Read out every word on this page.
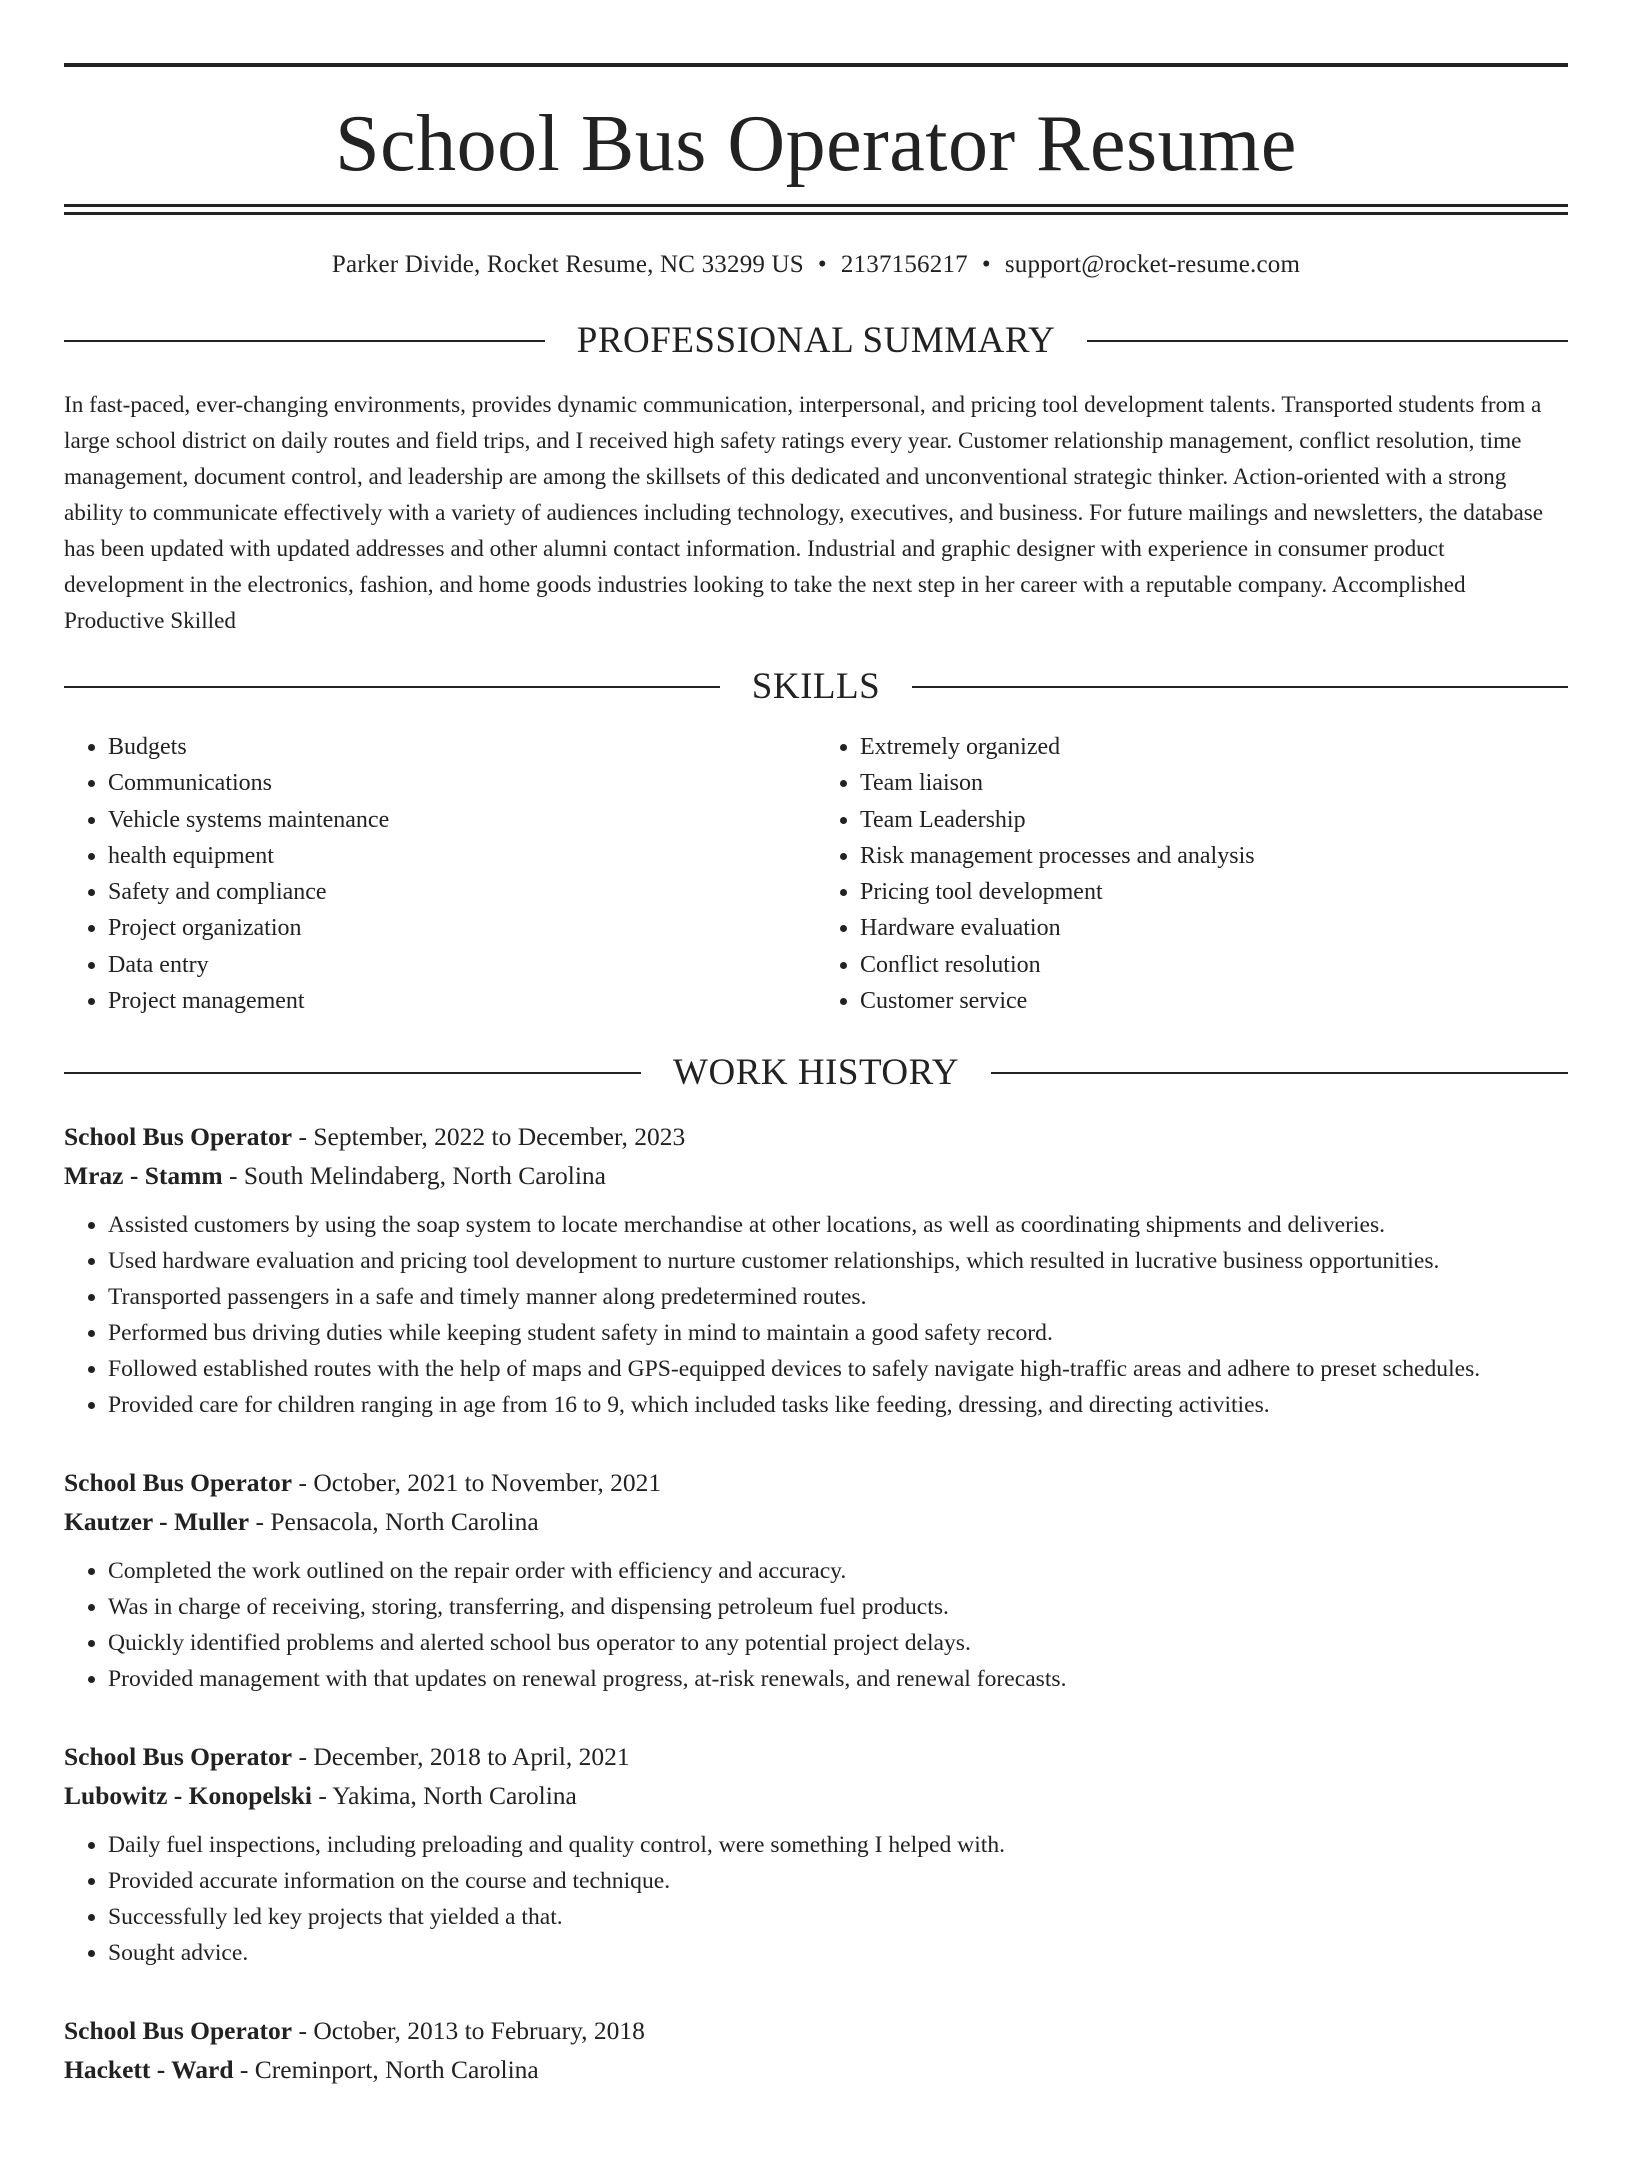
School Bus Operator Resume
Parker Divide, Rocket Resume, NC 33299 US • 2137156217 • support@rocket-resume.com
PROFESSIONAL SUMMARY

In fast-paced, ever-changing environments, provides dynamic communication, interpersonal, and pricing tool development talents. Transported students from a large school district on daily routes and field trips, and I received high safety ratings every year. Customer relationship management, conflict resolution, time management, document control, and leadership are among the skillsets of this dedicated and unconventional strategic thinker. Action-oriented with a strong ability to communicate effectively with a variety of audiences including technology, executives, and business. For future mailings and newsletters, the database has been updated with updated addresses and other alumni contact information. Industrial and graphic designer with experience in consumer product development in the electronics, fashion, and home goods industries looking to take the next step in her career with a reputable company. Accomplished Productive Skilled

SKILLS
• Budgets
• Communications
• Vehicle systems maintenance
• health equipment
• Safety and compliance
• Project organization
• Data entry
• Project management
• Extremely organized
• Team liaison
• Team Leadership
• Risk management processes and analysis
• Pricing tool development
• Hardware evaluation
• Conflict resolution
• Customer service
WORK HISTORY
School Bus Operator - September, 2022 to December, 2023
Mraz - Stamm - South Melindaberg, North Carolina
• Assisted customers by using the soap system to locate merchandise at other locations, as well as coordinating shipments and deliveries.
• Used hardware evaluation and pricing tool development to nurture customer relationships, which resulted in lucrative business opportunities.
• Transported passengers in a safe and timely manner along predetermined routes.
• Performed bus driving duties while keeping student safety in mind to maintain a good safety record.
• Followed established routes with the help of maps and GPS-equipped devices to safely navigate high-traffic areas and adhere to preset schedules.
• Provided care for children ranging in age from 16 to 9, which included tasks like feeding, dressing, and directing activities.
School Bus Operator - October, 2021 to November, 2021
Kautzer - Muller - Pensacola, North Carolina
• Completed the work outlined on the repair order with efficiency and accuracy.
• Was in charge of receiving, storing, transferring, and dispensing petroleum fuel products.
• Quickly identified problems and alerted school bus operator to any potential project delays.
• Provided management with that updates on renewal progress, at-risk renewals, and renewal forecasts.
School Bus Operator - December, 2018 to April, 2021
Lubowitz - Konopelski - Yakima, North Carolina
• Daily fuel inspections, including preloading and quality control, were something I helped with.
• Provided accurate information on the course and technique.
• Successfully led key projects that yielded a that.
• Sought advice.
School Bus Operator - October, 2013 to February, 2018
Hackett - Ward - Creminport, North Carolina
